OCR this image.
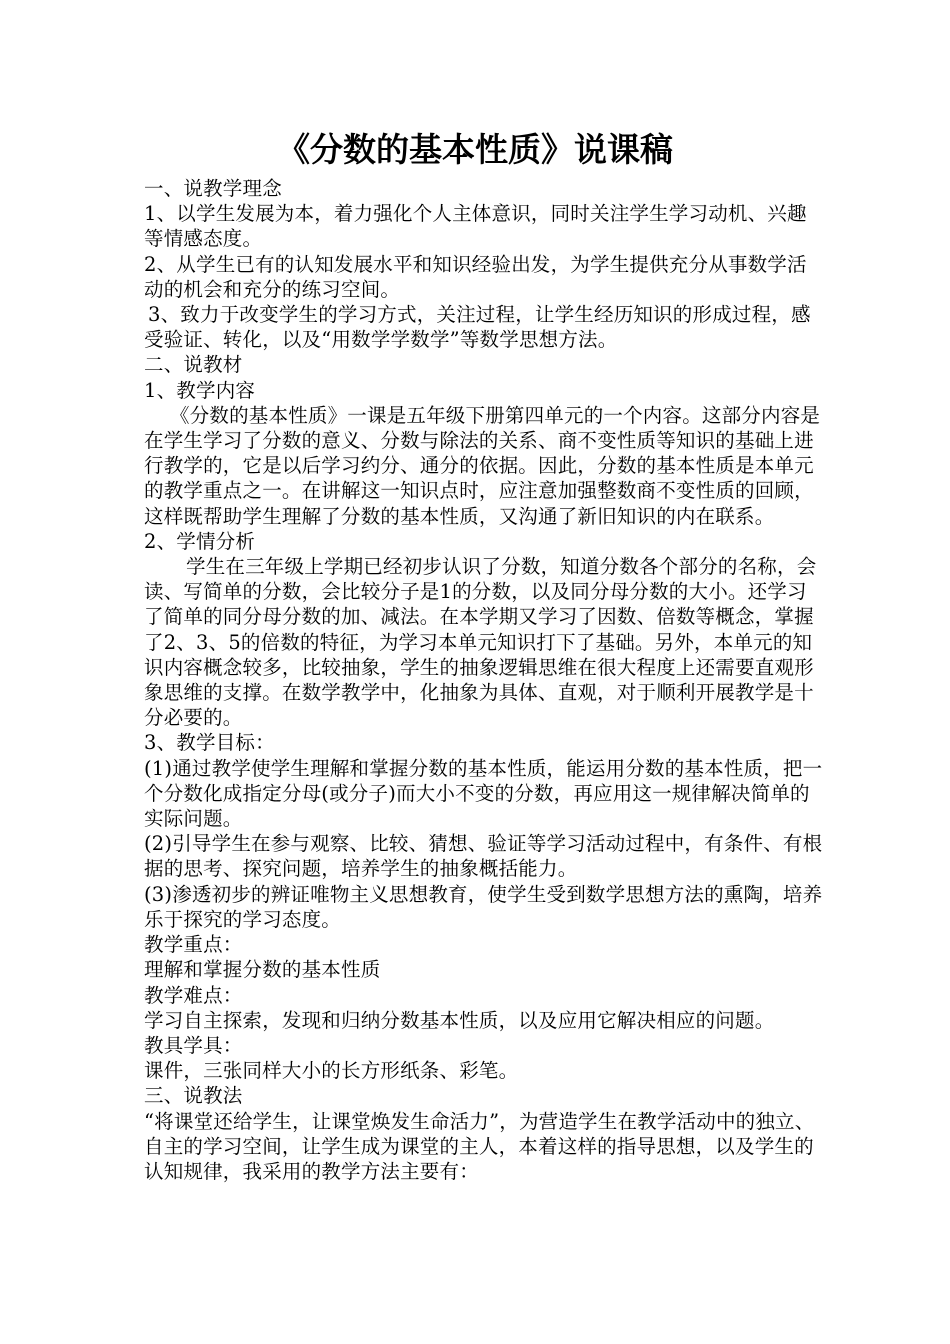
《分数的基本性质》说课稿

一、说教学理念

1、以学生发展为本，着力强化个人主体意识，同时关注学生学习动机、兴趣等情感态度。

2、从学生已有的认知发展水平和知识经验出发，为学生提供充分从事数学活动的机会和充分的练习空间。

3、致力于改变学生的学习方式，关注过程，让学生经历知识的形成过程，感受验证、转化，以及“用数学学数学”等数学思想方法。

二、说教材

1、教学内容

《分数的基本性质》一课是五年级下册第四单元的一个内容。这部分内容是在学生学习了分数的意义、分数与除法的关系、商不变性质等知识的基础上进行教学的，它是以后学习约分、通分的依据。因此，分数的基本性质是本单元的教学重点之一。在讲解这一知识点时，应注意加强整数商不变性质的回顾，这样既帮助学生理解了分数的基本性质，又沟通了新旧知识的内在联系。

2、学情分析

学生在三年级上学期已经初步认识了分数，知道分数各个部分的名称，会读、写简单的分数，会比较分子是1的分数，以及同分母分数的大小。还学习了简单的同分母分数的加、减法。在本学期又学习了因数、倍数等概念，掌握了2、3、5的倍数的特征，为学习本单元知识打下了基础。另外，本单元的知识内容概念较多，比较抽象，学生的抽象逻辑思维在很大程度上还需要直观形象思维的支撑。在数学教学中，化抽象为具体、直观，对于顺利开展教学是十分必要的。

3、教学目标：

(1)通过教学使学生理解和掌握分数的基本性质，能运用分数的基本性质，把一个分数化成指定分母(或分子)而大小不变的分数，再应用这一规律解决简单的实际问题。

(2)引导学生在参与观察、比较、猜想、验证等学习活动过程中，有条件、有根据的思考、探究问题，培养学生的抽象概括能力。

(3)渗透初步的辨证唯物主义思想教育，使学生受到数学思想方法的熏陶，培养乐于探究的学习态度。

教学重点：

理解和掌握分数的基本性质

教学难点：

学习自主探索，发现和归纳分数基本性质，以及应用它解决相应的问题。

教具学具：

课件，三张同样大小的长方形纸条、彩笔。

三、说教法

“将课堂还给学生，让课堂焕发生命活力”，为营造学生在教学活动中的独立、自主的学习空间，让学生成为课堂的主人，本着这样的指导思想，以及学生的认知规律，我采用的教学方法主要有：
